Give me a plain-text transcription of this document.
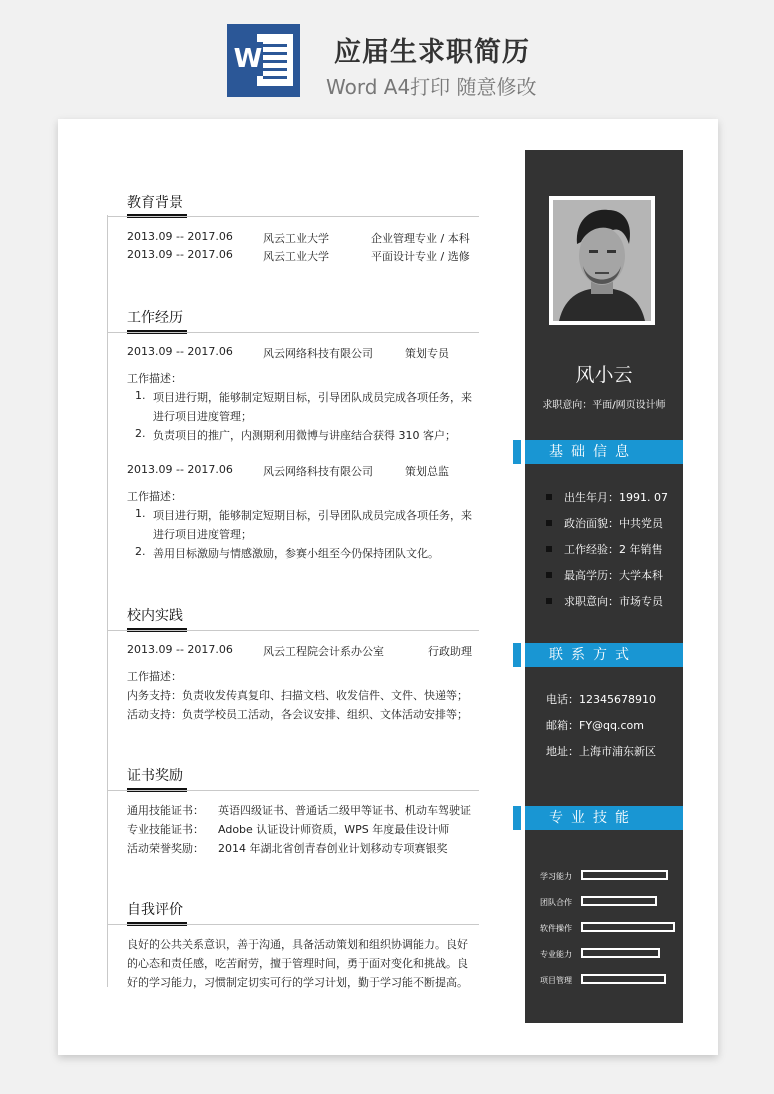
W	应届生求职简历
Word A4打印 随意修改
教育背景
2013.09 -- 2017.06	风云工业大学	企业管理专业 / 本科
2013.09 -- 2017.06	风云工业大学	平面设计专业 / 选修
工作经历
2013.09 -- 2017.06	风云网络科技有限公司	策划专员
工作描述：
1. 项目进行期，能够制定短期目标，引导团队成员完成各项任务，来
进行项目进度管理；
2. 负责项目的推广，内测期利用微博与讲座结合获得 310 客户；
2013.09 -- 2017.06	风云网络科技有限公司	策划总监
工作描述：
1. 项目进行期，能够制定短期目标，引导团队成员完成各项任务，来
进行项目进度管理；
2. 善用目标激励与情感激励，参赛小组至今仍保持团队文化。
校内实践
2013.09 -- 2017.06	风云工程院会计系办公室	行政助理
工作描述：
内务支持：负责收发传真复印、扫描文档、收发信件、文件、快递等；
活动支持：负责学校员工活动，各会议安排、组织、文体活动安排等；
证书奖励
通用技能证书： 英语四级证书、普通话二级甲等证书、机动车驾驶证
专业技能证书： Adobe 认证设计师资质，WPS 年度最佳设计师
活动荣誉奖励： 2014 年湖北省创青春创业计划移动专项赛银奖
自我评价
良好的公共关系意识，善于沟通，具备活动策划和组织协调能力。良好
的心态和责任感，吃苦耐劳，擅于管理时间，勇于面对变化和挑战。良
好的学习能力，习惯制定切实可行的学习计划，勤于学习能不断提高。
风小云
求职意向：平面/网页设计师
基础信息
出生年月：1991. 07
政治面貌：中共党员
工作经验：2 年销售
最高学历：大学本科
求职意向：市场专员
联系方式
电话：12345678910
邮箱：FY@qq.com
地址：上海市浦东新区
专业技能
学习能力
团队合作
软件操作
专业能力
项目管理
